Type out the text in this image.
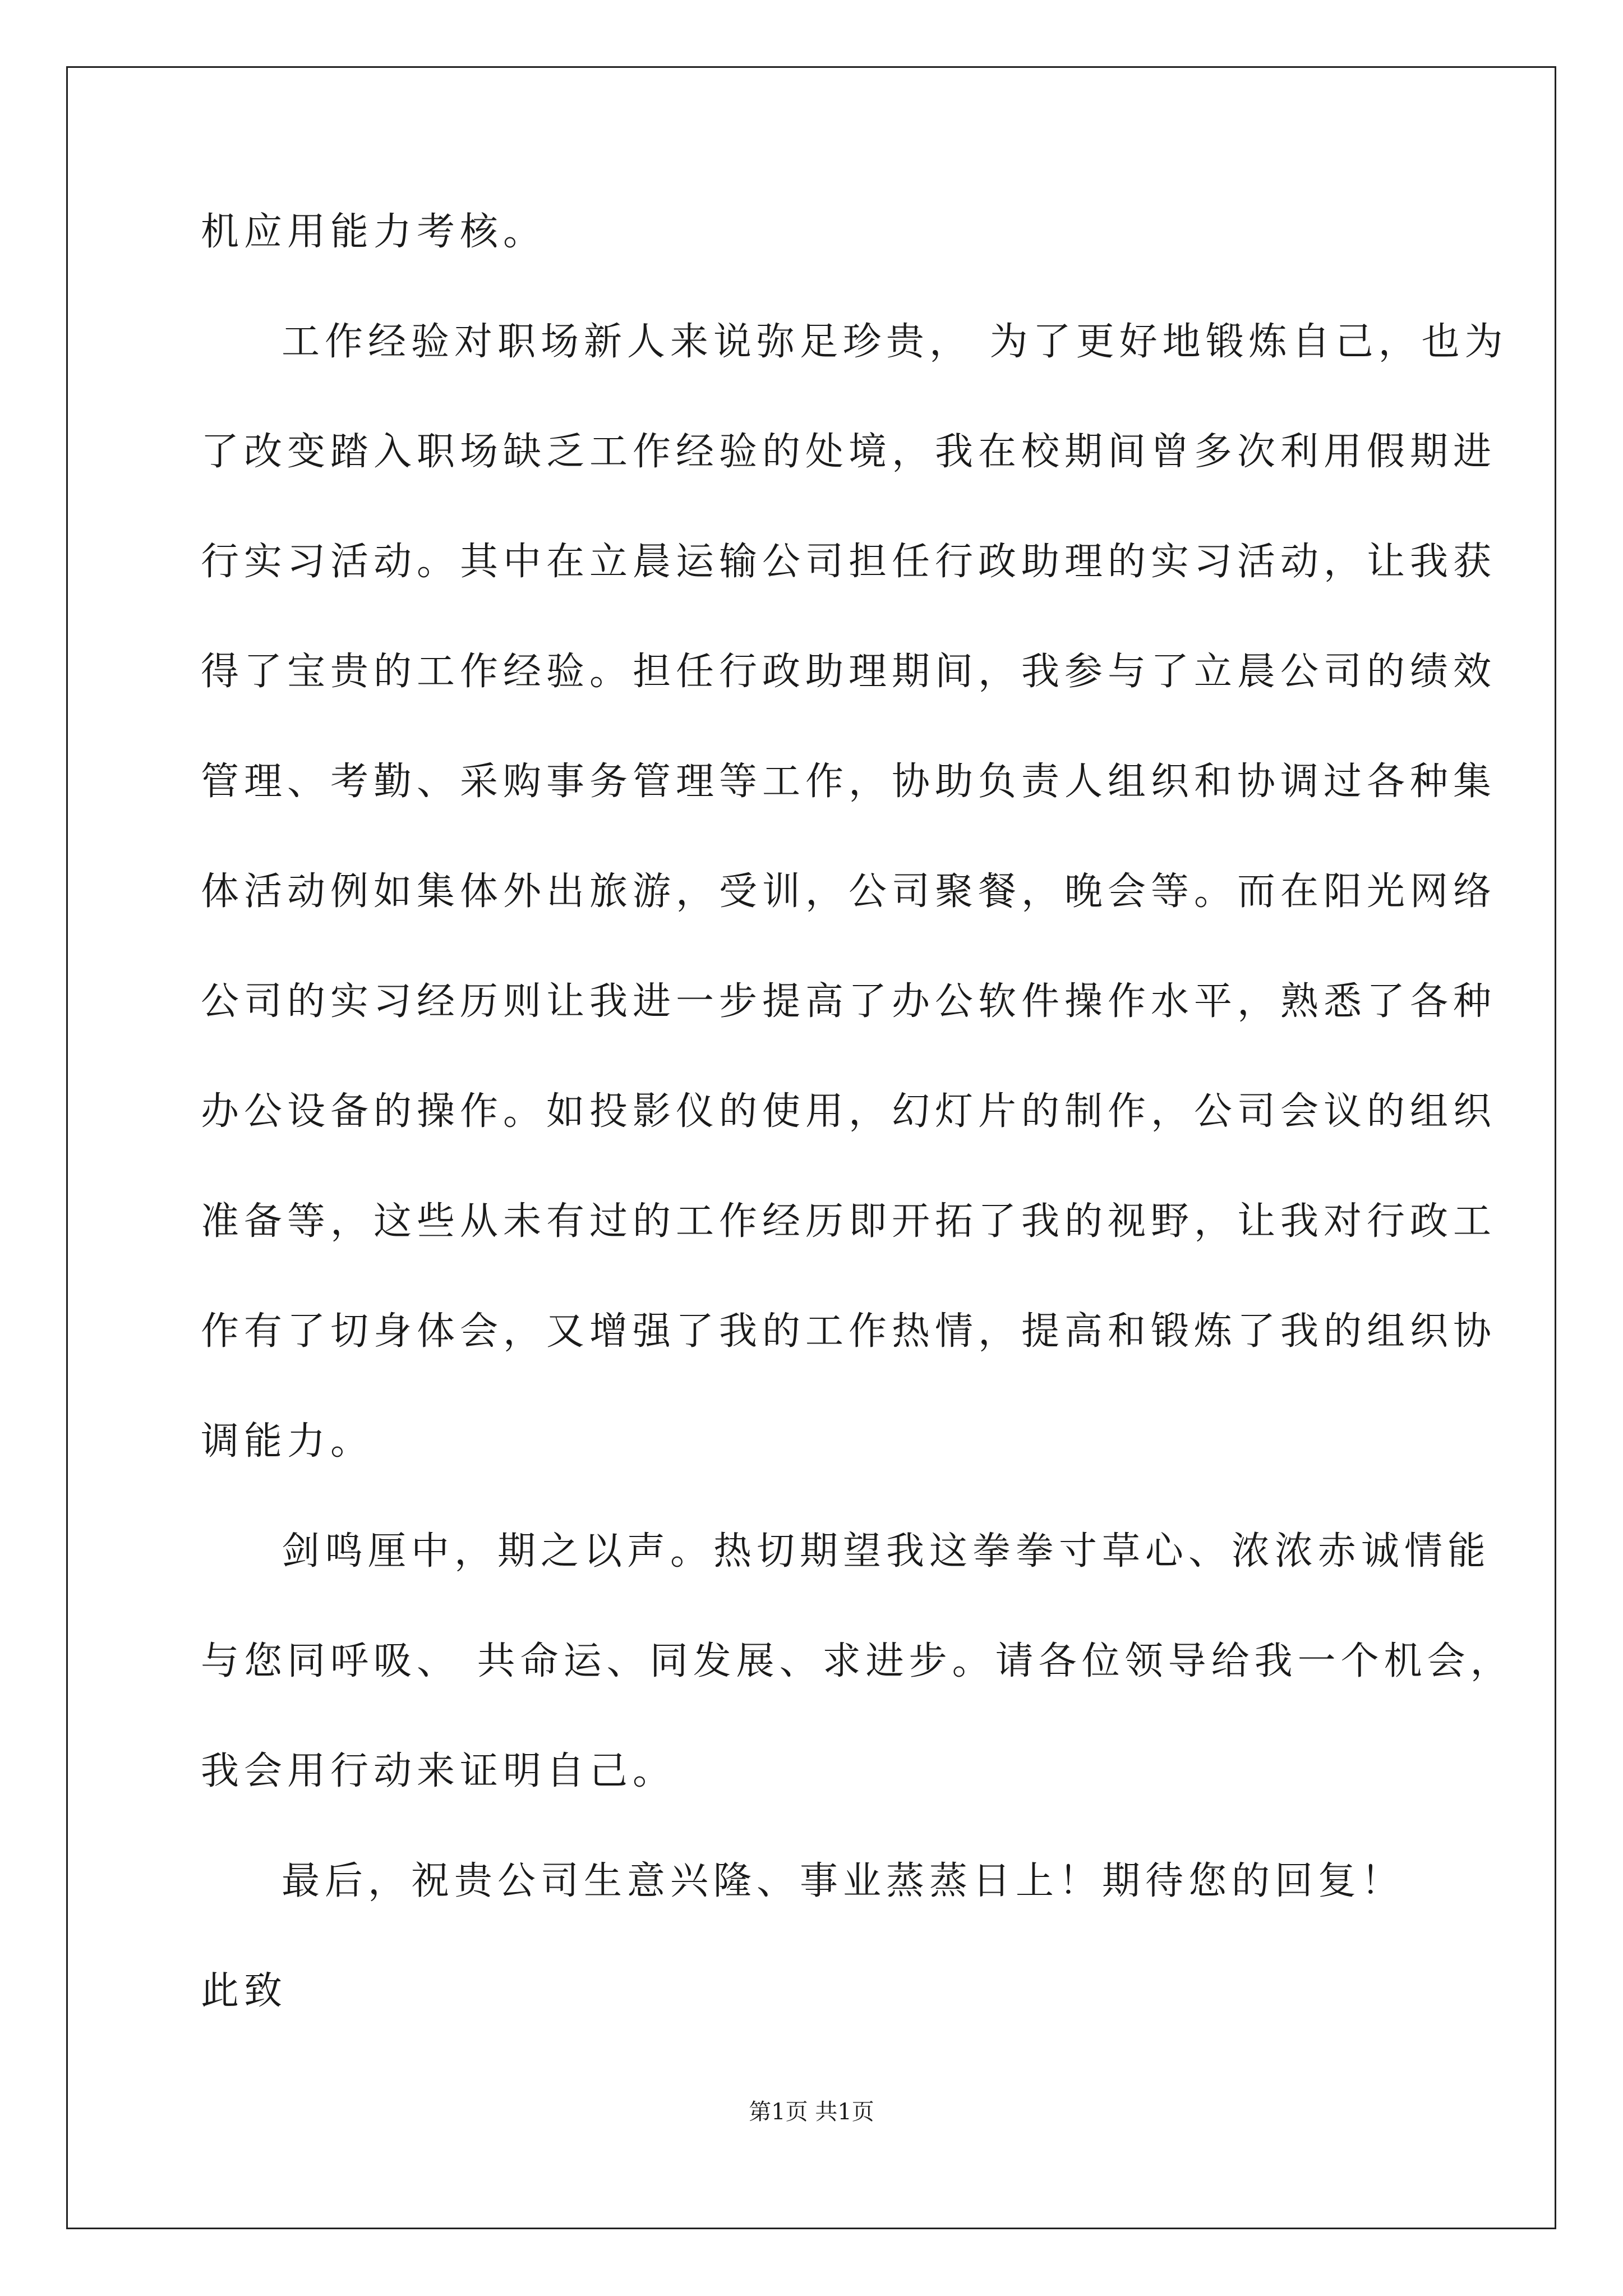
机应用能力考核。
工作经验对职场新人来说弥足珍贵， 为了更好地锻炼自己，也为
了改变踏入职场缺乏工作经验的处境，我在校期间曾多次利用假期进
行实习活动。其中在立晨运输公司担任行政助理的实习活动，让我获
得了宝贵的工作经验。担任行政助理期间，我参与了立晨公司的绩效
管理、考勤、采购事务管理等工作，协助负责人组织和协调过各种集
体活动例如集体外出旅游，受训，公司聚餐，晚会等。而在阳光网络
公司的实习经历则让我进一步提高了办公软件操作水平，熟悉了各种
办公设备的操作。如投影仪的使用，幻灯片的制作，公司会议的组织
准备等，这些从未有过的工作经历即开拓了我的视野，让我对行政工
作有了切身体会，又增强了我的工作热情，提高和锻炼了我的组织协
调能力。
剑鸣厘中，期之以声。热切期望我这拳拳寸草心、浓浓赤诚情能
与您同呼吸、 共命运、同发展、求进步。请各位领导给我一个机会，
我会用行动来证明自己。
最后，祝贵公司生意兴隆、事业蒸蒸日上！期待您的回复！
此致
第1页 共1页
